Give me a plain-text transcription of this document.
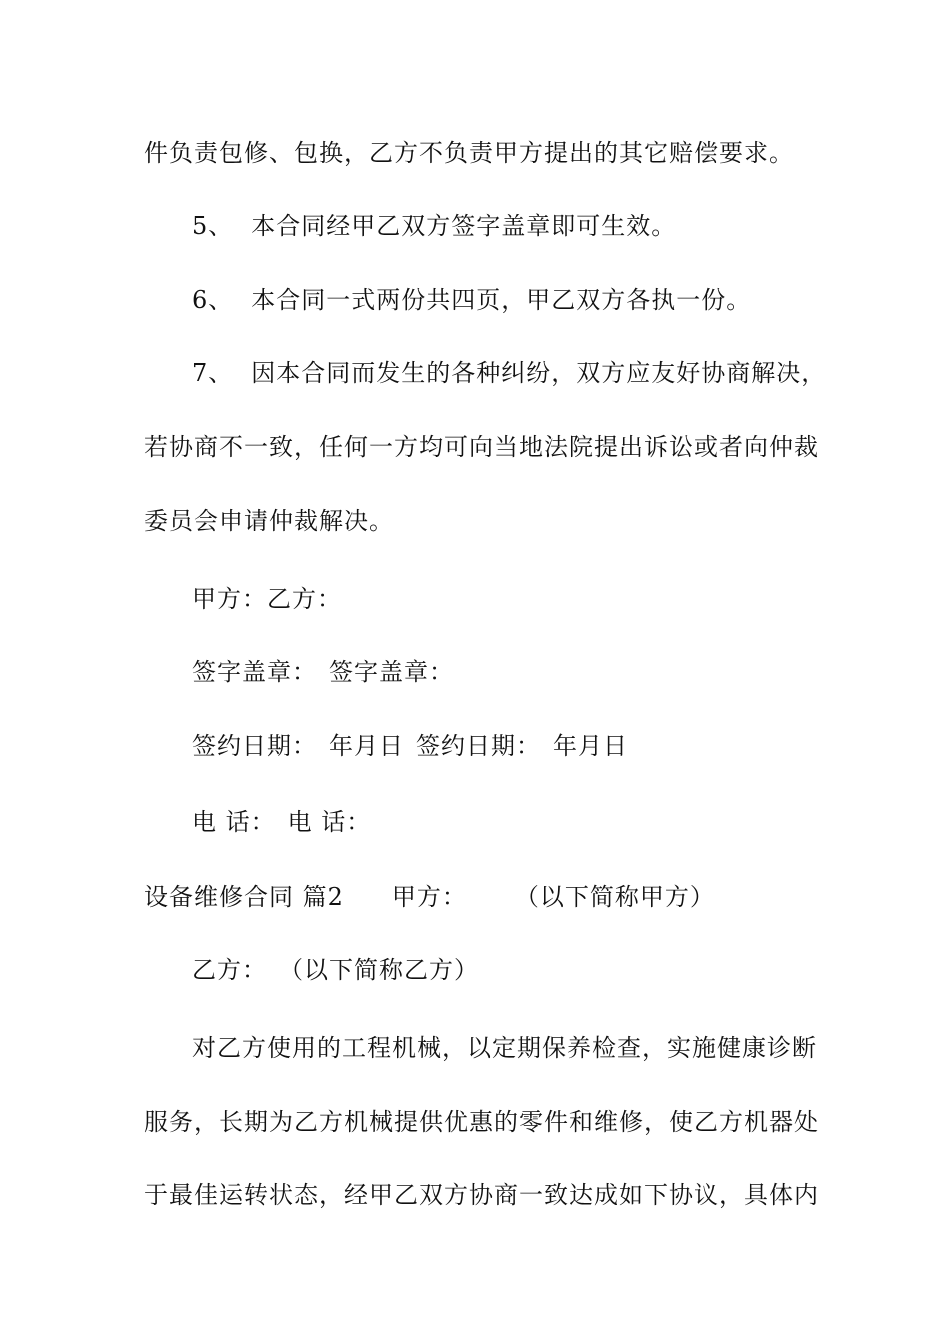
件负责包修、包换，乙方不负责甲方提出的其它赔偿要求。
5、 本合同经甲乙双方签字盖章即可生效。
6、 本合同一式两份共四页，甲乙双方各执一份。
7、 因本合同而发生的各种纠纷，双方应友好协商解决，
若协商不一致，任何一方均可向当地法院提出诉讼或者向仲裁
委员会申请仲裁解决。
甲方：乙方：
签字盖章： 签字盖章：
签约日期： 年月日 签约日期： 年月日
电 话： 电 话：
设备维修合同 篇2 甲方： （以下简称甲方）
乙方： （以下简称乙方）
对乙方使用的工程机械，以定期保养检查，实施健康诊断
服务，长期为乙方机械提供优惠的零件和维修，使乙方机器处
于最佳运转状态，经甲乙双方协商一致达成如下协议，具体内
